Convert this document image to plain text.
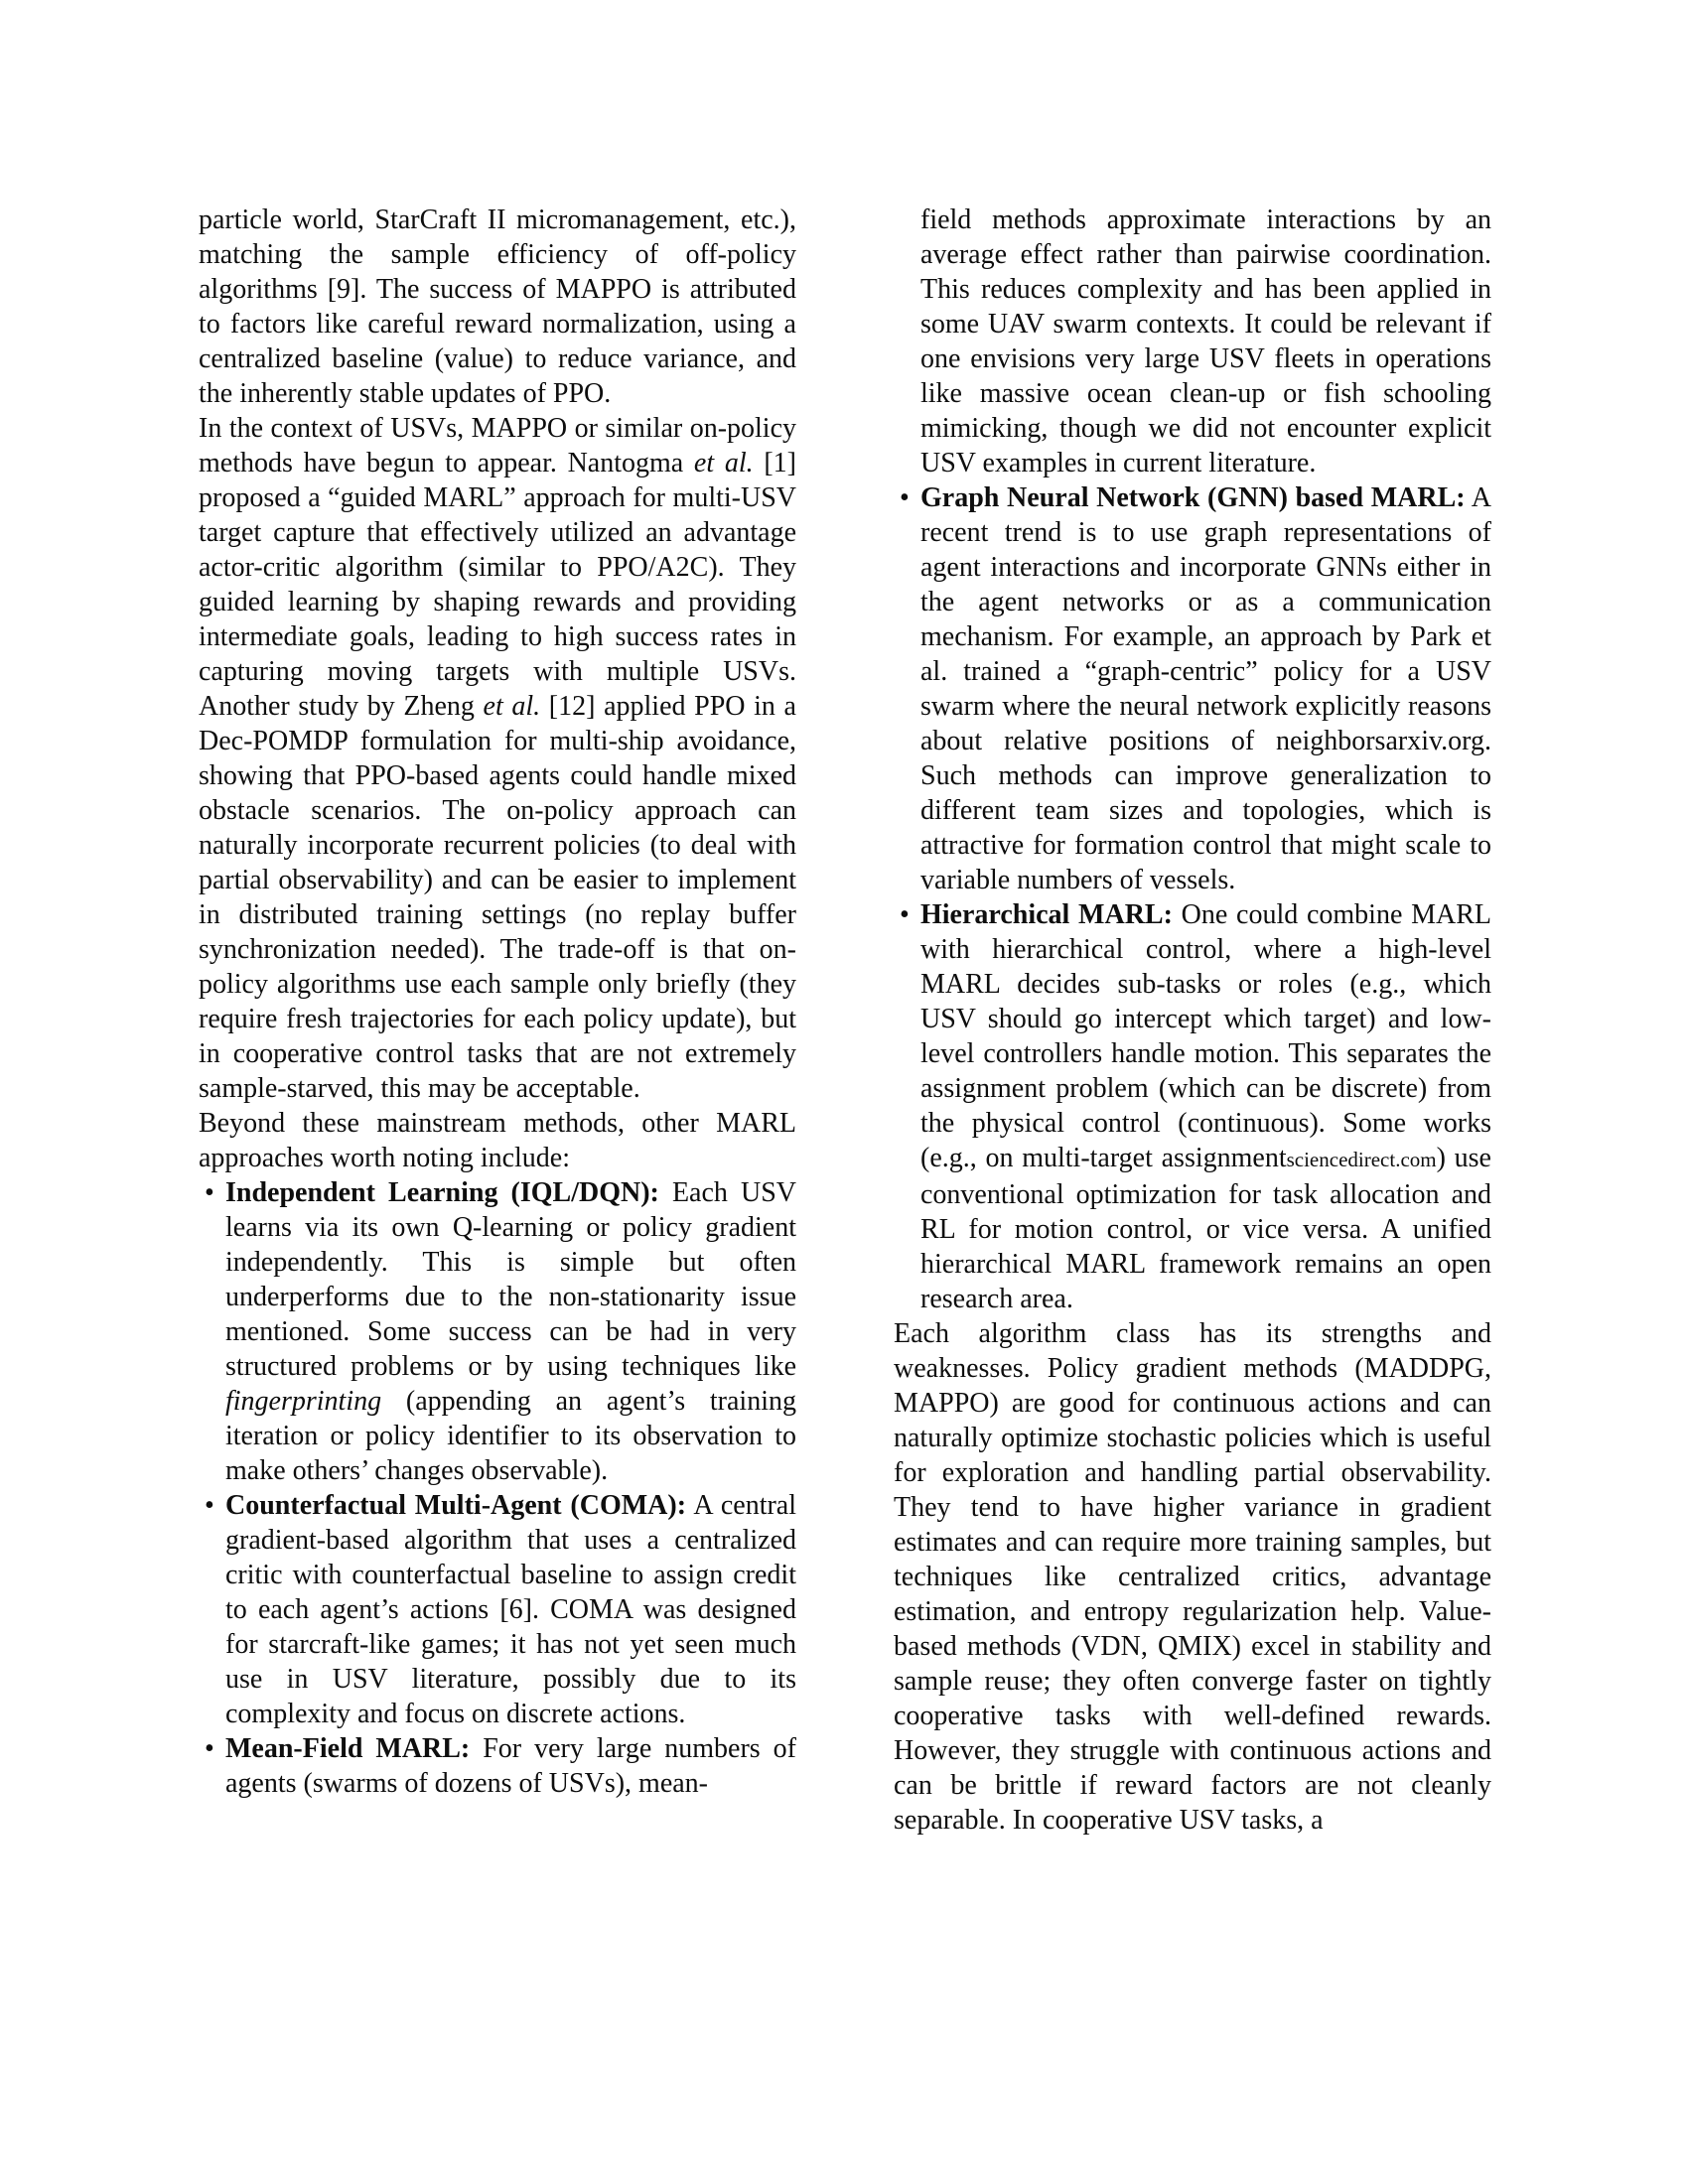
particle world, StarCraft II micromanagement, etc.), matching the sample efficiency of off-policy algorithms [9]. The success of MAPPO is attributed to factors like careful reward normalization, using a centralized baseline (value) to reduce variance, and the inherently stable updates of PPO.
In the context of USVs, MAPPO or similar on-policy methods have begun to appear. Nantogma et al. [1] proposed a “guided MARL” approach for multi-USV target capture that effectively utilized an advantage actor-critic algorithm (similar to PPO/A2C). They guided learning by shaping rewards and providing intermediate goals, leading to high success rates in capturing moving targets with multiple USVs. Another study by Zheng et al. [12] applied PPO in a Dec-POMDP formulation for multi-ship avoidance, showing that PPO-based agents could handle mixed obstacle scenarios. The on-policy approach can naturally incorporate recurrent policies (to deal with partial observability) and can be easier to implement in distributed training settings (no replay buffer synchronization needed). The trade-off is that on-policy algorithms use each sample only briefly (they require fresh trajectories for each policy update), but in cooperative control tasks that are not extremely sample-starved, this may be acceptable.
Beyond these mainstream methods, other MARL approaches worth noting include:
• Independent Learning (IQL/DQN): Each USV learns via its own Q-learning or policy gradient independently. This is simple but often underperforms due to the non-stationarity issue mentioned. Some success can be had in very structured problems or by using techniques like fingerprinting (appending an agent’s training iteration or policy identifier to its observation to make others’ changes observable).
• Counterfactual Multi-Agent (COMA): A central gradient-based algorithm that uses a centralized critic with counterfactual baseline to assign credit to each agent’s actions [6]. COMA was designed for starcraft-like games; it has not yet seen much use in USV literature, possibly due to its complexity and focus on discrete actions.
• Mean-Field MARL: For very large numbers of agents (swarms of dozens of USVs), mean-
field methods approximate interactions by an average effect rather than pairwise coordination. This reduces complexity and has been applied in some UAV swarm contexts. It could be relevant if one envisions very large USV fleets in operations like massive ocean clean-up or fish schooling mimicking, though we did not encounter explicit USV examples in current literature.
• Graph Neural Network (GNN) based MARL: A recent trend is to use graph representations of agent interactions and incorporate GNNs either in the agent networks or as a communication mechanism. For example, an approach by Park et al. trained a “graph-centric” policy for a USV swarm where the neural network explicitly reasons about relative positions of neighborsarxiv.org. Such methods can improve generalization to different team sizes and topologies, which is attractive for formation control that might scale to variable numbers of vessels.
• Hierarchical MARL: One could combine MARL with hierarchical control, where a high-level MARL decides sub-tasks or roles (e.g., which USV should go intercept which target) and low-level controllers handle motion. This separates the assignment problem (which can be discrete) from the physical control (continuous). Some works (e.g., on multi-target assignmentsciencedirect.com) use conventional optimization for task allocation and RL for motion control, or vice versa. A unified hierarchical MARL framework remains an open research area.
Each algorithm class has its strengths and weaknesses. Policy gradient methods (MADDPG, MAPPO) are good for continuous actions and can naturally optimize stochastic policies which is useful for exploration and handling partial observability. They tend to have higher variance in gradient estimates and can require more training samples, but techniques like centralized critics, advantage estimation, and entropy regularization help. Value-based methods (VDN, QMIX) excel in stability and sample reuse; they often converge faster on tightly cooperative tasks with well-defined rewards. However, they struggle with continuous actions and can be brittle if reward factors are not cleanly separable. In cooperative USV tasks, a
